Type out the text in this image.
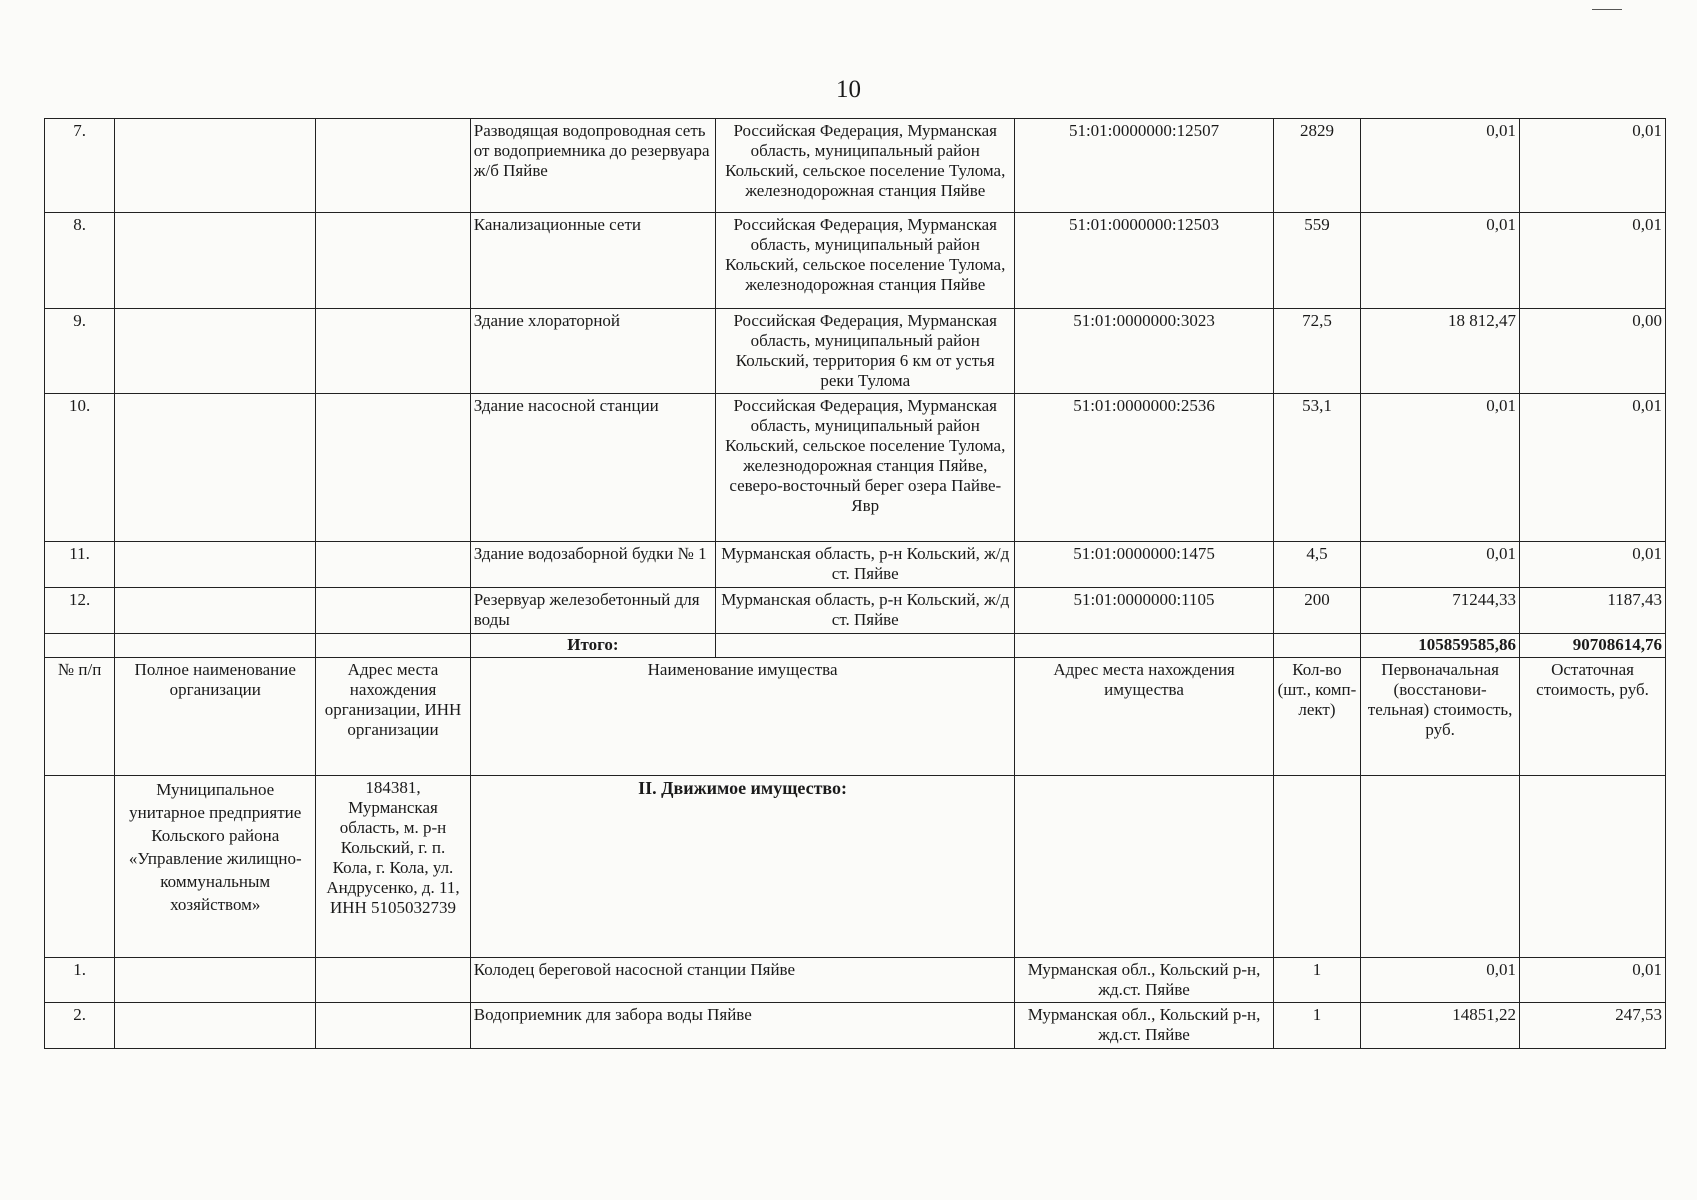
10
7.			Разводящая водопроводная сеть от водоприемника до резервуара ж/б Пяйве	Российская Федерация, Мурманская область, муниципальный район Кольский, сельское поселение Тулома, железнодорожная станция Пяйве	51:01:0000000:12507	2829	0,01	0,01
8.			Канализационные сети	Российская Федерация, Мурманская область, муниципальный район Кольский, сельское поселение Тулома, железнодорожная станция Пяйве	51:01:0000000:12503	559	0,01	0,01
9.			Здание хлораторной	Российская Федерация, Мурманская область, муниципальный район Кольский, территория 6 км от устья реки Тулома	51:01:0000000:3023	72,5	18 812,47	0,00
10.			Здание насосной станции	Российская Федерация, Мурманская область, муниципальный район Кольский, сельское поселение Тулома, железнодорожная станция Пяйве, северо-восточный берег озера Пайве-Явр	51:01:0000000:2536	53,1	0,01	0,01
11.			Здание водозаборной будки № 1	Мурманская область, р-н Кольский, ж/д ст. Пяйве	51:01:0000000:1475	4,5	0,01	0,01
12.			Резервуар железобетонный для воды	Мурманская область, р-н Кольский, ж/д ст. Пяйве	51:01:0000000:1105	200	71244,33	1187,43
			Итого:				105859585,86	90708614,76
№ п/п	Полное наименование организации	Адрес места нахождения организации, ИНН организации	Наименование имущества		Адрес места нахождения имущества	Кол-во (шт., комп-лект)	Первоначальная (восстанови-тельная) стоимость, руб.	Остаточная стоимость, руб.
	Муниципальное унитарное предприятие Кольского района «Управление жилищно-коммунальным хозяйством»	184381, Мурманская область, м. р-н Кольский, г. п. Кола, г. Кола, ул. Андрусенко, д. 11, ИНН 5105032739	II. Движимое имущество:					
1.			Колодец береговой насосной станции Пяйве		Мурманская обл., Кольский р-н, жд.ст. Пяйве	1	0,01	0,01
2.			Водоприемник для забора воды Пяйве		Мурманская обл., Кольский р-н, жд.ст. Пяйве	1	14851,22	247,53
